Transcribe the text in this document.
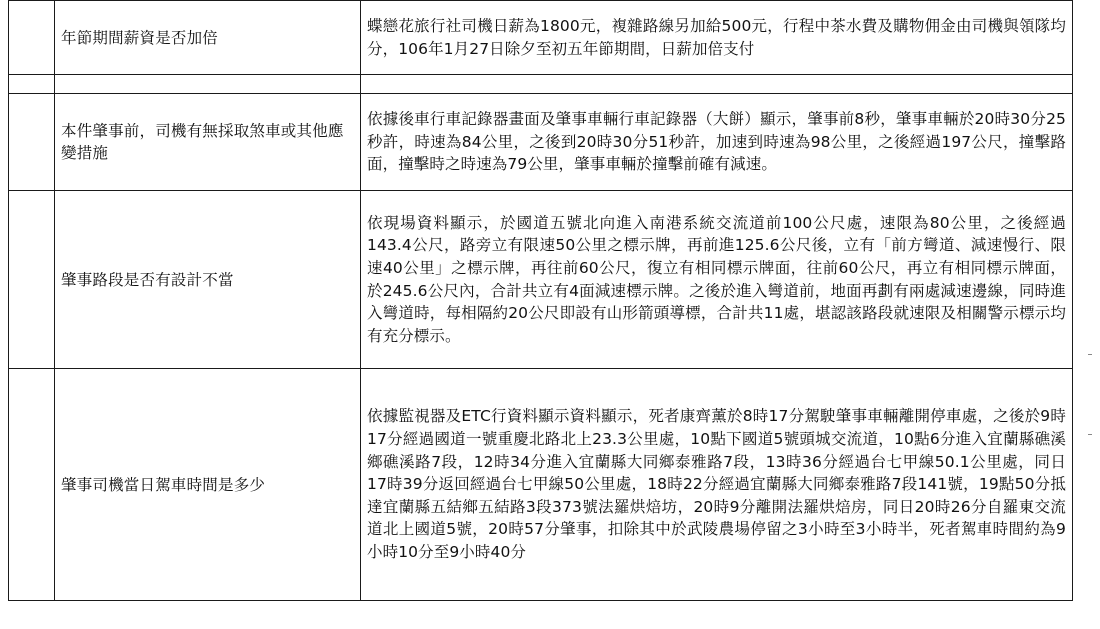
	年節期間薪資是否加倍	蝶戀花旅行社司機日薪為1800元，複雜路線另加給500元，行程中茶水費及購物佣金由司機與領隊均分，106年1月27日除夕至初五年節期間，日薪加倍支付

	本件肇事前，司機有無採取煞車或其他應變措施	依據後車行車記錄器畫面及肇事車輛行車記錄器（大餅）顯示，肇事前8秒，肇事車輛於20時30分25秒許，時速為84公里，之後到20時30分51秒許，加速到時速為98公里，之後經過197公尺，撞擊路面，撞擊時之時速為79公里，肇事車輛於撞擊前確有減速。

	肇事路段是否有設計不當	依現場資料顯示，於國道五號北向進入南港系統交流道前100公尺處，速限為80公里，之後經過143.4公尺，路旁立有限速50公里之標示牌，再前進125.6公尺後，立有「前方彎道、減速慢行、限速40公里」之標示牌，再往前60公尺，復立有相同標示牌面，往前60公尺，再立有相同標示牌面，於245.6公尺內，合計共立有4面減速標示牌。之後於進入彎道前，地面再劃有兩處減速邊線，同時進入彎道時，每相隔約20公尺即設有山形箭頭導標，合計共11處，堪認該路段就速限及相關警示標示均有充分標示。

	肇事司機當日駕車時間是多少	依據監視器及ETC行資料顯示資料顯示，死者康齊薰於8時17分駕駛肇事車輛離開停車處，之後於9時17分經過國道一號重慶北路北上23.3公里處，10點下國道5號頭城交流道，10點6分進入宜蘭縣礁溪鄉礁溪路7段，12時34分進入宜蘭縣大同鄉泰雅路7段，13時36分經過台七甲線50.1公里處，同日17時39分返回經過台七甲線50公里處，18時22分經過宜蘭縣大同鄉泰雅路7段141號，19點50分抵達宜蘭縣五結鄉五結路3段373號法羅烘焙坊，20時9分離開法羅烘焙房，同日20時26分自羅東交流道北上國道5號，20時57分肇事，扣除其中於武陵農場停留之3小時至3小時半，死者駕車時間約為9小時10分至9小時40分
